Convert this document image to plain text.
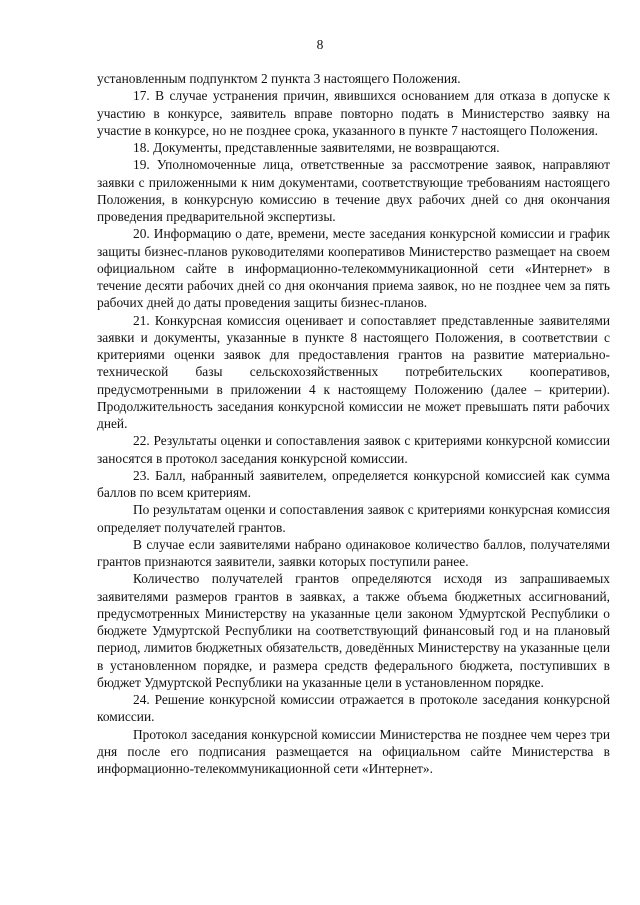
8

установленным подпунктом 2 пункта 3 настоящего Положения.

17. В случае устранения причин, явившихся основанием для отказа в допуске к участию в конкурсе, заявитель вправе повторно подать в Министерство заявку на участие в конкурсе, но не позднее срока, указанного в пункте 7 настоящего Положения.

18. Документы, представленные заявителями, не возвращаются.

19. Уполномоченные лица, ответственные за рассмотрение заявок, направляют заявки с приложенными к ним документами, соответствующие требованиям настоящего Положения, в конкурсную комиссию в течение двух рабочих дней со дня окончания проведения предварительной экспертизы.

20. Информацию о дате, времени, месте заседания конкурсной комиссии и график защиты бизнес-планов руководителями кооперативов Министерство размещает на своем официальном сайте в информационно-телекоммуникационной сети «Интернет» в течение десяти рабочих дней со дня окончания приема заявок, но не позднее чем за пять рабочих дней до даты проведения защиты бизнес-планов.

21. Конкурсная комиссия оценивает и сопоставляет представленные заявителями заявки и документы, указанные в пункте 8 настоящего Положения, в соответствии с критериями оценки заявок для предоставления грантов на развитие материально-технической базы сельскохозяйственных потребительских кооперативов, предусмотренными в приложении 4 к настоящему Положению (далее – критерии). Продолжительность заседания конкурсной комиссии не может превышать пяти рабочих дней.

22. Результаты оценки и сопоставления заявок с критериями конкурсной комиссии заносятся в протокол заседания конкурсной комиссии.

23. Балл, набранный заявителем, определяется конкурсной комиссией как сумма баллов по всем критериям.

По результатам оценки и сопоставления заявок с критериями конкурсная комиссия определяет получателей грантов.

В случае если заявителями набрано одинаковое количество баллов, получателями грантов признаются заявители, заявки которых поступили ранее.

Количество получателей грантов определяются исходя из запрашиваемых заявителями размеров грантов в заявках, а также объема бюджетных ассигнований, предусмотренных Министерству на указанные цели законом Удмуртской Республики о бюджете Удмуртской Республики на соответствующий финансовый год и на плановый период, лимитов бюджетных обязательств, доведённых Министерству на указанные цели в установленном порядке, и размера средств федерального бюджета, поступивших в бюджет Удмуртской Республики на указанные цели в установленном порядке.

24. Решение конкурсной комиссии отражается в протоколе заседания конкурсной комиссии.

Протокол заседания конкурсной комиссии Министерства не позднее чем через три дня после его подписания размещается на официальном сайте Министерства в информационно-телекоммуникационной сети «Интернет».
